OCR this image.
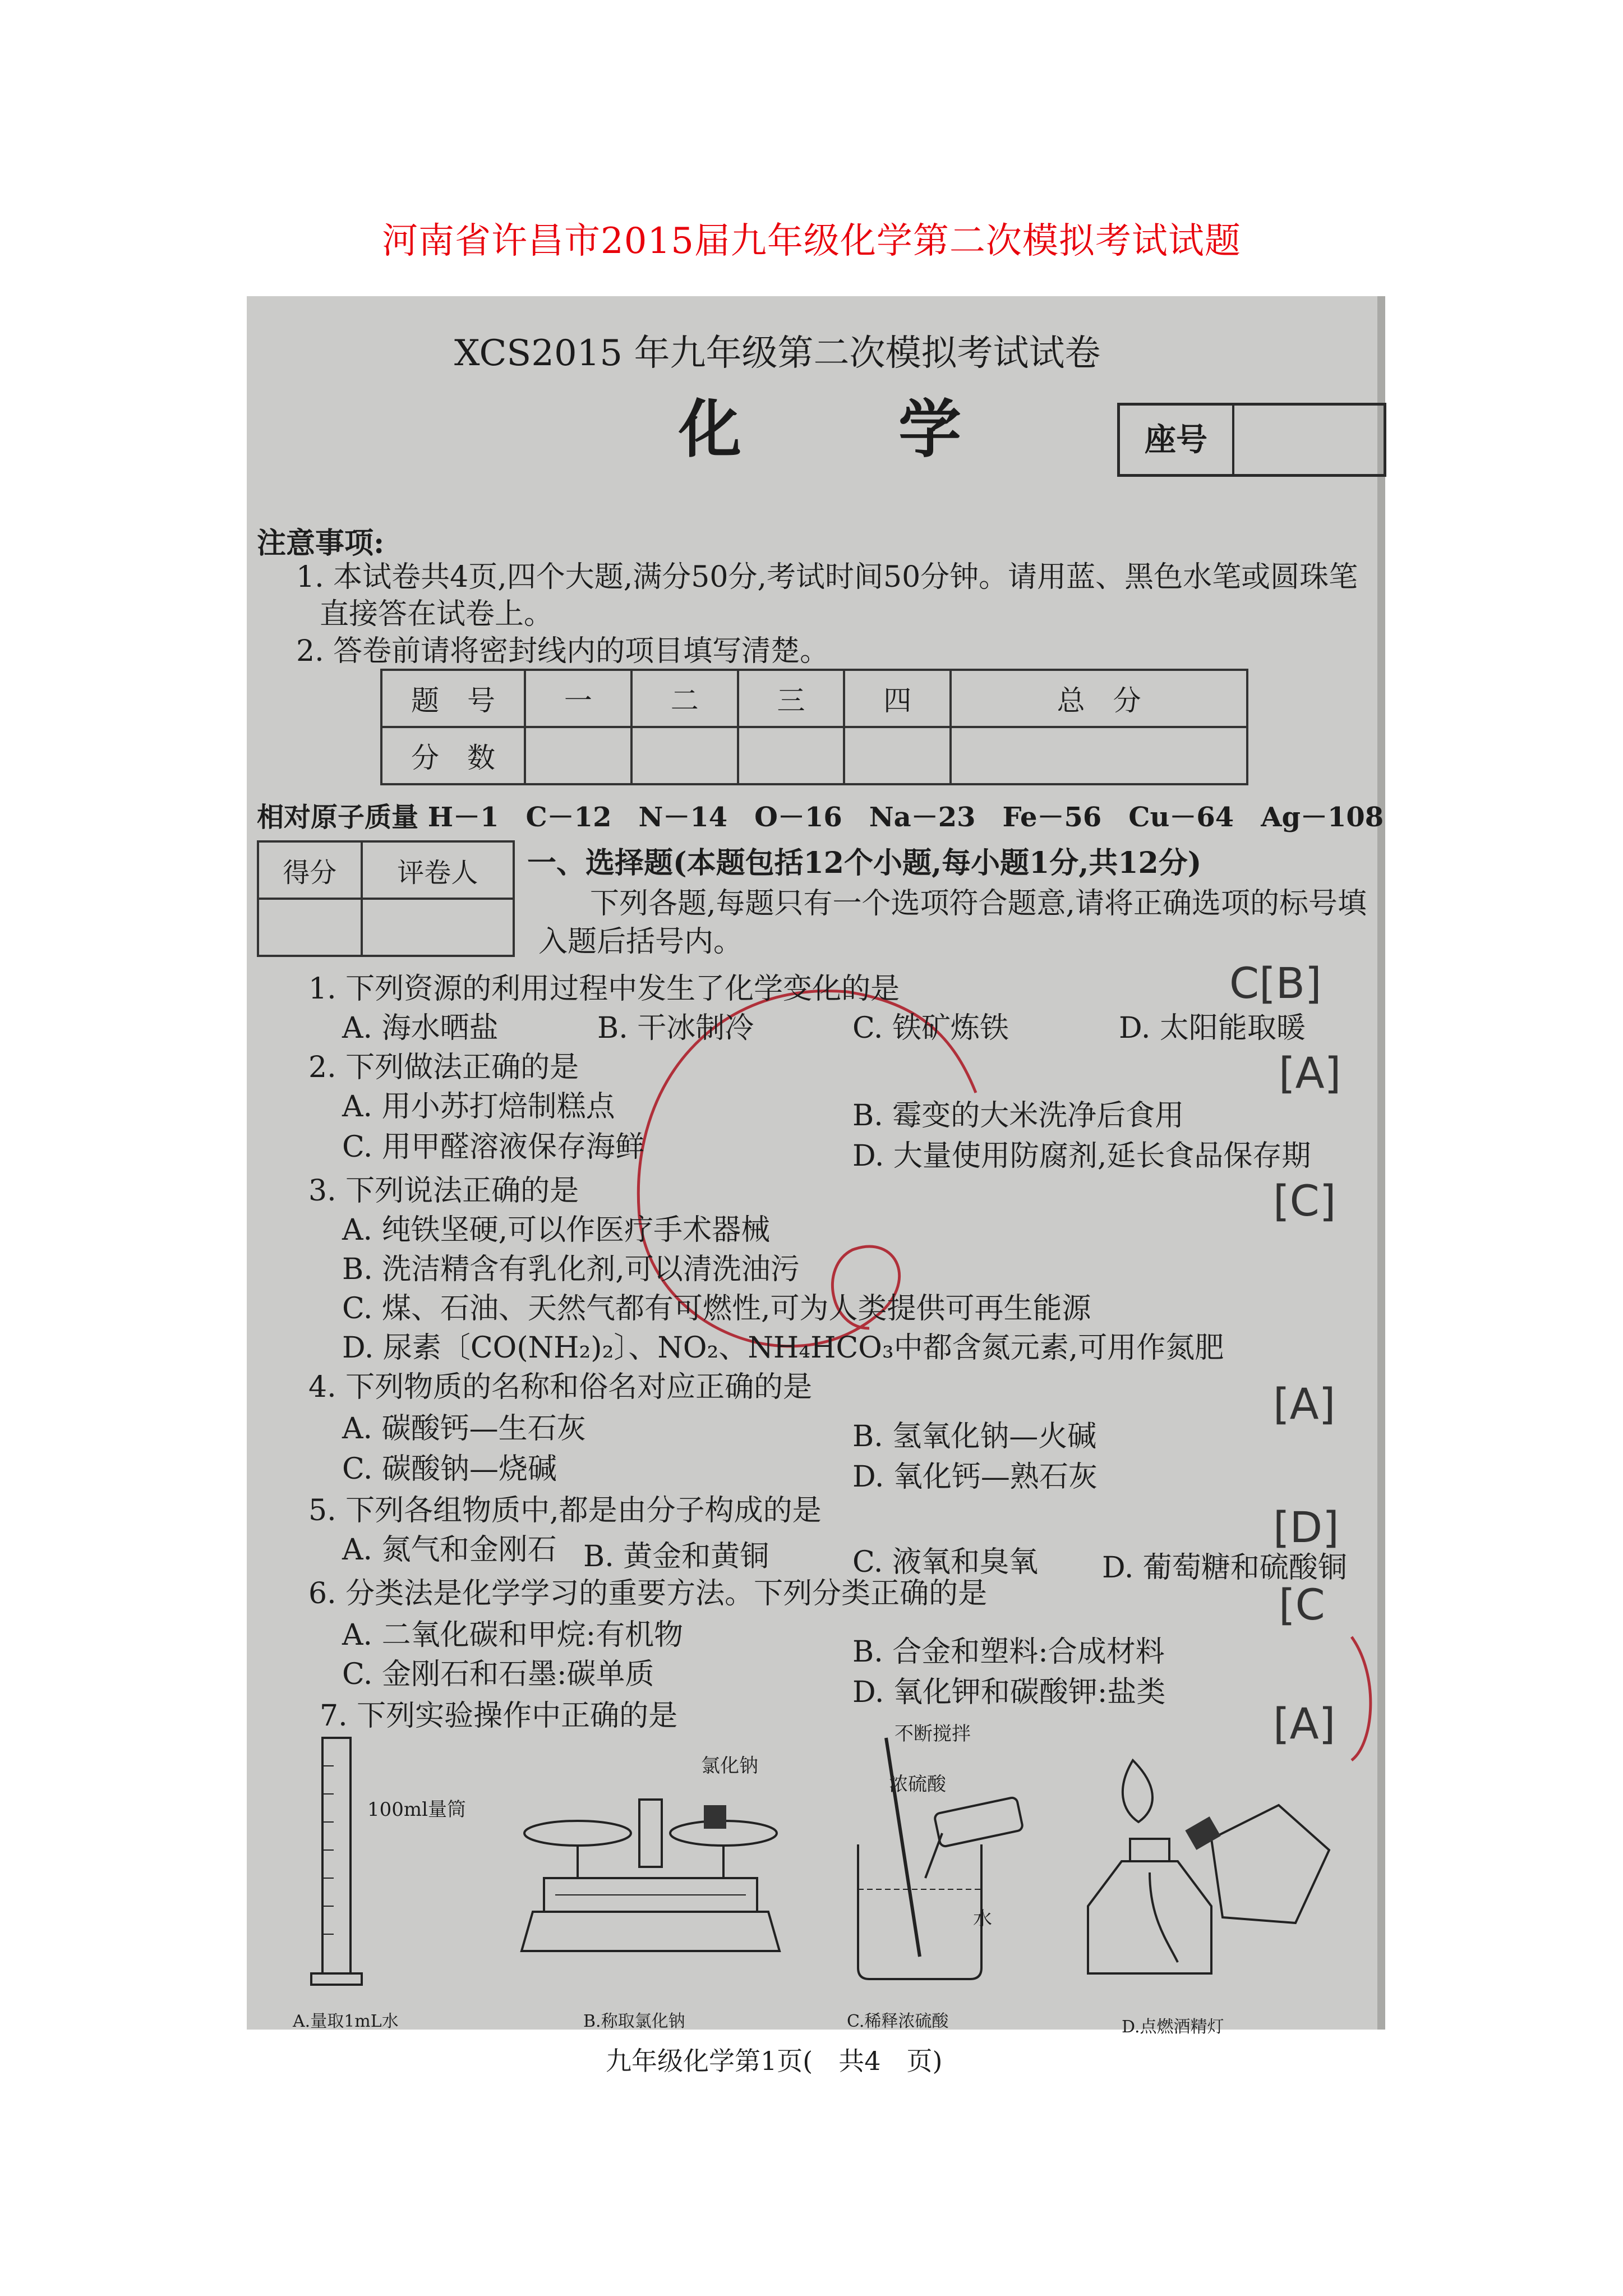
河南省许昌市2015届九年级化学第二次模拟考试试题
XCS2015 年九年级第二次模拟考试试卷
化学 座号
注意事项:
1. 本试卷共4页,四个大题,满分50分,考试时间50分钟。请用蓝、黑色水笔或圆珠笔
直接答在试卷上。
2. 答卷前请将密封线内的项目填写清楚。
题　号	一	二	三	四	总　分
分　数					
相对原子质量 H－1　C－12　N－14　O－16　Na－23　Fe－56　Cu－64　Ag－108
得分	评卷人
	一、选择题(本题包括12个小题,每小题1分,共12分)
下列各题,每题只有一个选项符合题意,请将正确选项的标号填
入题后括号内。
1. 下列资源的利用过程中发生了化学变化的是	C[B]
A. 海水晒盐	B. 干冰制冷	C. 铁矿炼铁	D. 太阳能取暖
2. 下列做法正确的是	[A]
A. 用小苏打焙制糕点	B. 霉变的大米洗净后食用
C. 用甲醛溶液保存海鲜	D. 大量使用防腐剂,延长食品保存期
3. 下列说法正确的是	[C]
A. 纯铁坚硬,可以作医疗手术器械
B. 洗洁精含有乳化剂,可以清洗油污
C. 煤、石油、天然气都有可燃性,可为人类提供可再生能源
D. 尿素〔CO(NH₂)₂〕、NO₂、NH₄HCO₃中都含氮元素,可用作氮肥
4. 下列物质的名称和俗名对应正确的是	[A]
A. 碳酸钙—生石灰	B. 氢氧化钠—火碱
C. 碳酸钠—烧碱	D. 氧化钙—熟石灰
5. 下列各组物质中,都是由分子构成的是	[D]
A. 氮气和金刚石 B. 黄金和黄铜	C. 液氧和臭氧 D. 葡萄糖和硫酸铜
6. 分类法是化学学习的重要方法。下列分类正确的是	[C
A. 二氧化碳和甲烷:有机物	B. 合金和塑料:合成材料
C. 金刚石和石墨:碳单质
D. 氧化钾和碳酸钾:盐类
7. 下列实验操作中正确的是	[A]
100ml量筒
A.量取1mL水
氯化钠
B.称取氯化钠
不断搅拌
浓硫酸
水
C.稀释浓硫酸	D.点燃酒精灯
九年级化学第1页(　共4　页)
